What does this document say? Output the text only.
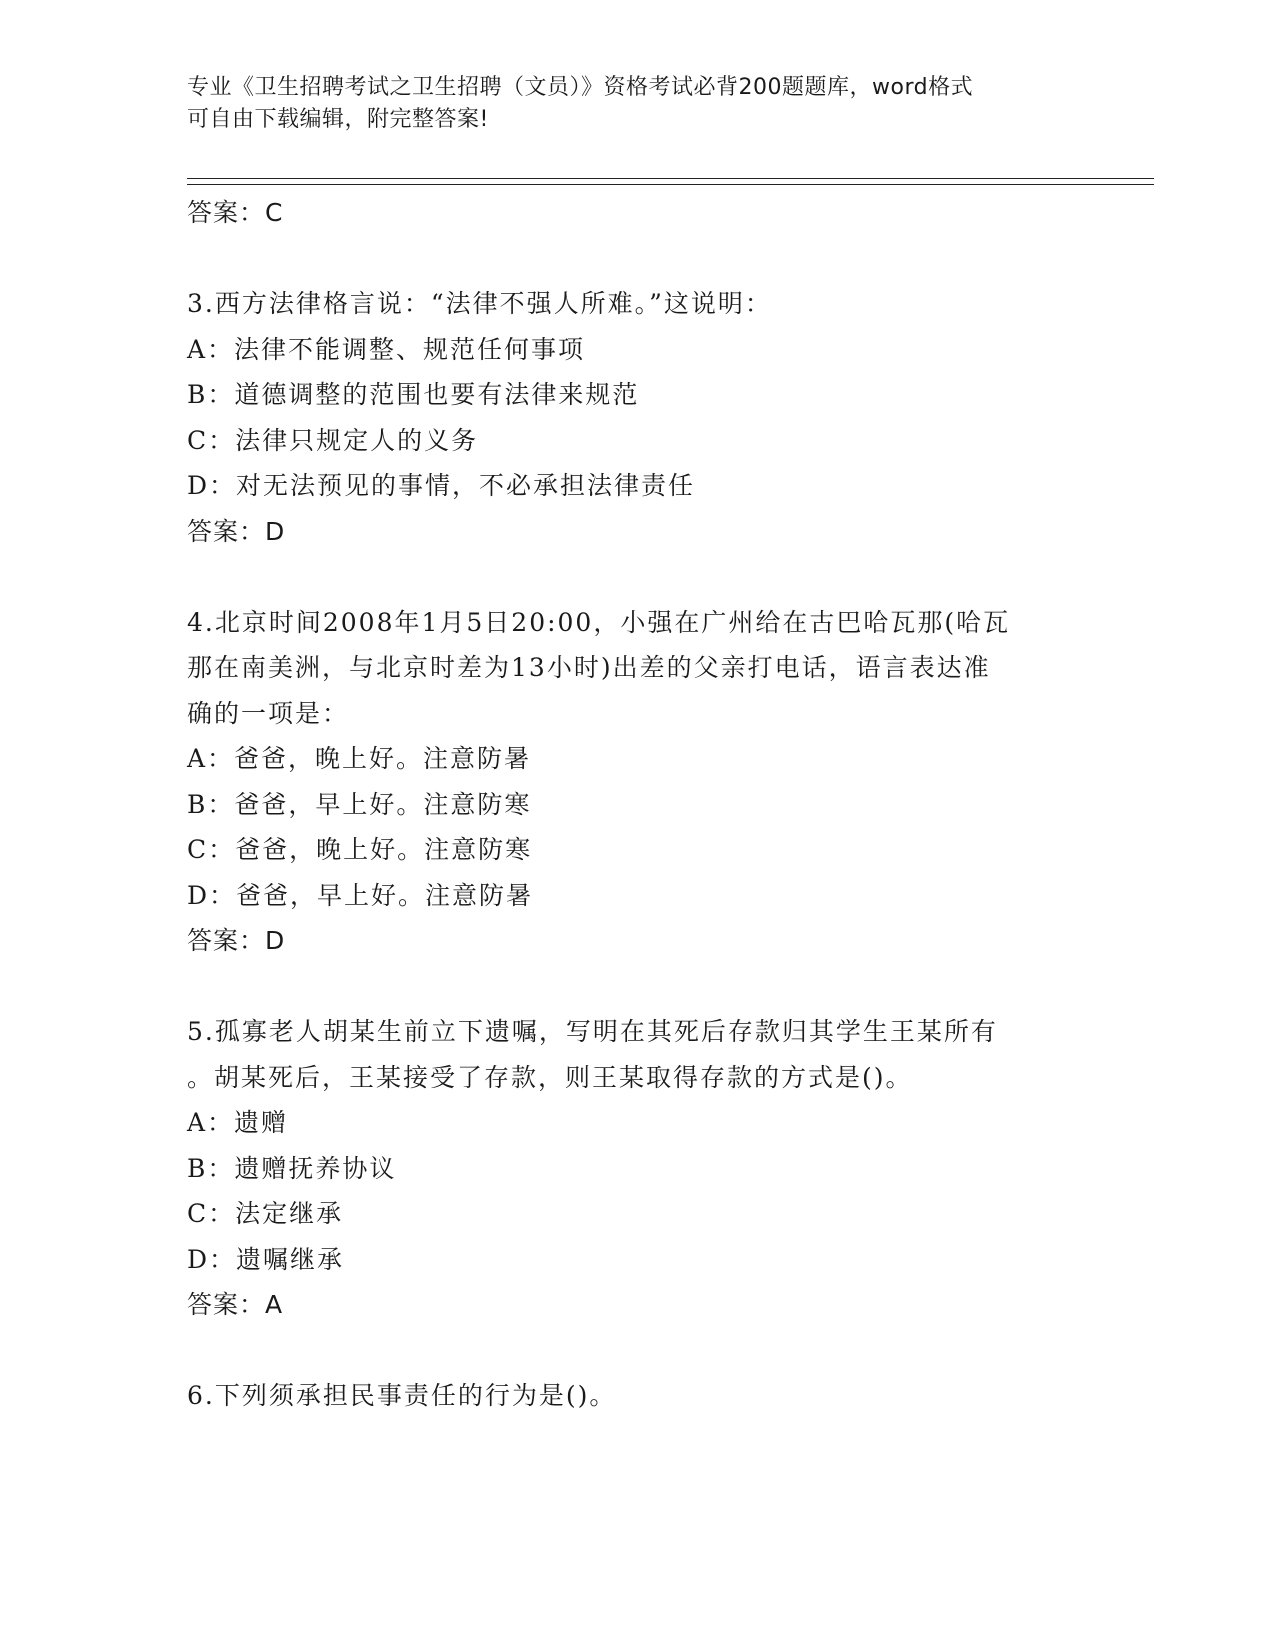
专业《卫生招聘考试之卫生招聘（文员）》资格考试必背200题题库，word格式
可自由下载编辑，附完整答案!
答案：C
3.西方法律格言说：“法律不强人所难。”这说明：
A：法律不能调整、规范任何事项
B：道德调整的范围也要有法律来规范
C：法律只规定人的义务
D：对无法预见的事情，不必承担法律责任
答案：D
4.北京时间2008年1月5日20:00，小强在广州给在古巴哈瓦那(哈瓦
那在南美洲，与北京时差为13小时)出差的父亲打电话，语言表达准
确的一项是：
A：爸爸，晚上好。注意防暑
B：爸爸，早上好。注意防寒
C：爸爸，晚上好。注意防寒
D：爸爸，早上好。注意防暑
答案：D
5.孤寡老人胡某生前立下遗嘱，写明在其死后存款归其学生王某所有
。胡某死后，王某接受了存款，则王某取得存款的方式是()。
A：遗赠
B：遗赠抚养协议
C：法定继承
D：遗嘱继承
答案：A
6.下列须承担民事责任的行为是()。
